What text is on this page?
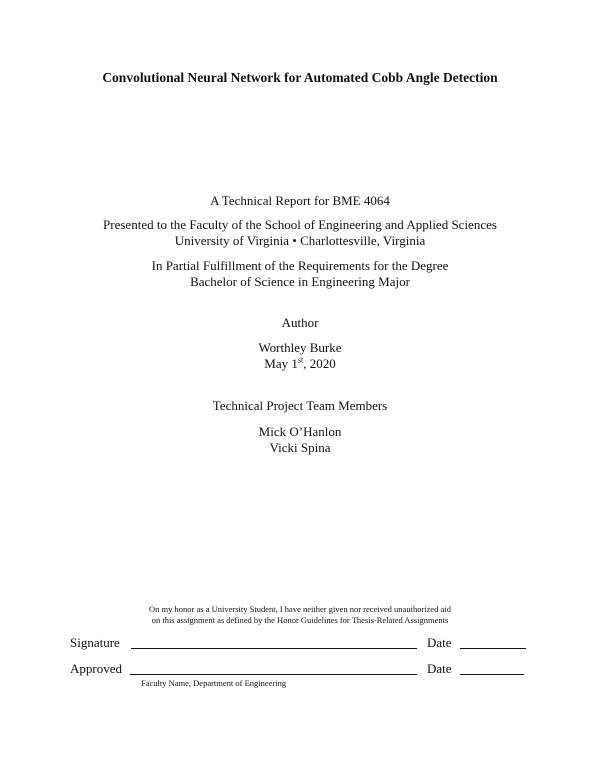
Convolutional Neural Network for Automated Cobb Angle Detection
A Technical Report for BME 4064
Presented to the Faculty of the School of Engineering and Applied Sciences
University of Virginia • Charlottesville, Virginia
In Partial Fulfillment of the Requirements for the Degree
Bachelor of Science in Engineering Major
Author
Worthley Burke
May 1st, 2020
Technical Project Team Members
Mick O’Hanlon
Vicki Spina
On my honor as a University Student, I have neither given nor received unauthorized aid
on this assignment as defined by the Honor Guidelines for Thesis-Related Assignments
Signature	Date
Approved	Date
Faculty Name, Department of Engineering
